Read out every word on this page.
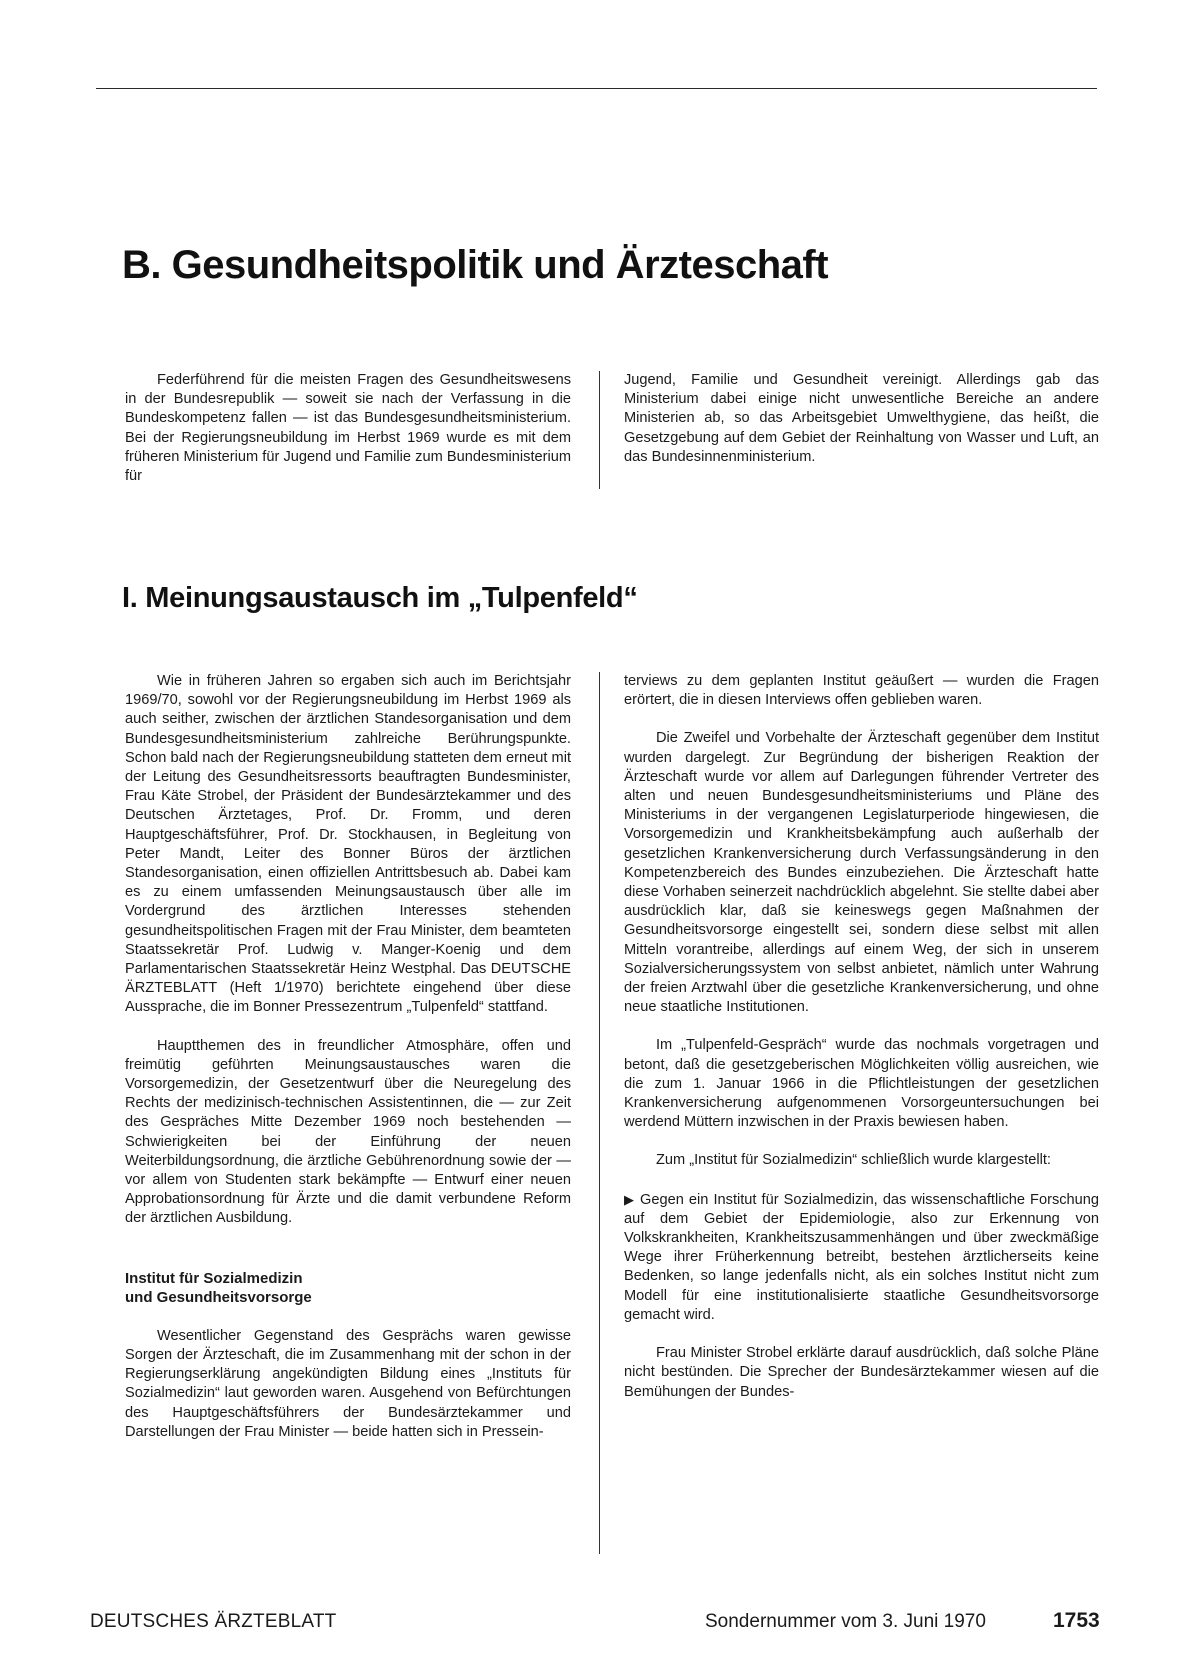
B. Gesundheitspolitik und Ärzteschaft

Federführend für die meisten Fragen des Gesundheitswesens in der Bundesrepublik — soweit sie nach der Verfassung in die Bundeskompetenz fallen — ist das Bundesgesundheitsministerium. Bei der Regierungsneubildung im Herbst 1969 wurde es mit dem früheren Ministerium für Jugend und Familie zum Bundesministerium für

Jugend, Familie und Gesundheit vereinigt. Allerdings gab das Ministerium dabei einige nicht unwesentliche Bereiche an andere Ministerien ab, so das Arbeitsgebiet Umwelthygiene, das heißt, die Gesetzgebung auf dem Gebiet der Reinhaltung von Wasser und Luft, an das Bundesinnenministerium.

I. Meinungsaustausch im „Tulpenfeld“

Wie in früheren Jahren so ergaben sich auch im Berichtsjahr 1969/70, sowohl vor der Regierungsneubildung im Herbst 1969 als auch seither, zwischen der ärztlichen Standesorganisation und dem Bundesgesundheitsministerium zahlreiche Berührungspunkte. Schon bald nach der Regierungsneubildung statteten dem erneut mit der Leitung des Gesundheitsressorts beauftragten Bundesminister, Frau Käte Strobel, der Präsident der Bundesärztekammer und des Deutschen Ärztetages, Prof. Dr. Fromm, und deren Hauptgeschäftsführer, Prof. Dr. Stockhausen, in Begleitung von Peter Mandt, Leiter des Bonner Büros der ärztlichen Standesorganisation, einen offiziellen Antrittsbesuch ab. Dabei kam es zu einem umfassenden Meinungsaustausch über alle im Vordergrund des ärztlichen Interesses stehenden gesundheitspolitischen Fragen mit der Frau Minister, dem beamteten Staatssekretär Prof. Ludwig v. Manger-Koenig und dem Parlamentarischen Staatssekretär Heinz Westphal. Das DEUTSCHE ÄRZTEBLATT (Heft 1/1970) berichtete eingehend über diese Aussprache, die im Bonner Pressezentrum „Tulpenfeld“ stattfand.

Hauptthemen des in freundlicher Atmosphäre, offen und freimütig geführten Meinungsaustausches waren die Vorsorgemedizin, der Gesetzentwurf über die Neuregelung des Rechts der medizinisch-technischen Assistentinnen, die — zur Zeit des Gespräches Mitte Dezember 1969 noch bestehenden — Schwierigkeiten bei der Einführung der neuen Weiterbildungsordnung, die ärztliche Gebührenordnung sowie der — vor allem von Studenten stark bekämpfte — Entwurf einer neuen Approbationsordnung für Ärzte und die damit verbundene Reform der ärztlichen Ausbildung.

Institut für Sozialmedizin
und Gesundheitsvorsorge

Wesentlicher Gegenstand des Gesprächs waren gewisse Sorgen der Ärzteschaft, die im Zusammenhang mit der schon in der Regierungserklärung angekündigten Bildung eines „Instituts für Sozialmedizin“ laut geworden waren. Ausgehend von Befürchtungen des Hauptgeschäftsführers der Bundesärztekammer und Darstellungen der Frau Minister — beide hatten sich in Pressein-

terviews zu dem geplanten Institut geäußert — wurden die Fragen erörtert, die in diesen Interviews offen geblieben waren.

Die Zweifel und Vorbehalte der Ärzteschaft gegenüber dem Institut wurden dargelegt. Zur Begründung der bisherigen Reaktion der Ärzteschaft wurde vor allem auf Darlegungen führender Vertreter des alten und neuen Bundesgesundheitsministeriums und Pläne des Ministeriums in der vergangenen Legislaturperiode hingewiesen, die Vorsorgemedizin und Krankheitsbekämpfung auch außerhalb der gesetzlichen Krankenversicherung durch Verfassungsänderung in den Kompetenzbereich des Bundes einzubeziehen. Die Ärzteschaft hatte diese Vorhaben seinerzeit nachdrücklich abgelehnt. Sie stellte dabei aber ausdrücklich klar, daß sie keineswegs gegen Maßnahmen der Gesundheitsvorsorge eingestellt sei, sondern diese selbst mit allen Mitteln vorantreibe, allerdings auf einem Weg, der sich in unserem Sozialversicherungssystem von selbst anbietet, nämlich unter Wahrung der freien Arztwahl über die gesetzliche Krankenversicherung, und ohne neue staatliche Institutionen.

Im „Tulpenfeld-Gespräch“ wurde das nochmals vorgetragen und betont, daß die gesetzgeberischen Möglichkeiten völlig ausreichen, wie die zum 1. Januar 1966 in die Pflichtleistungen der gesetzlichen Krankenversicherung aufgenommenen Vorsorgeuntersuchungen bei werdend Müttern inzwischen in der Praxis bewiesen haben.

Zum „Institut für Sozialmedizin“ schließlich wurde klargestellt:

▶ Gegen ein Institut für Sozialmedizin, das wissenschaftliche Forschung auf dem Gebiet der Epidemiologie, also zur Erkennung von Volkskrankheiten, Krankheitszusammenhängen und über zweckmäßige Wege ihrer Früherkennung betreibt, bestehen ärztlicherseits keine Bedenken, so lange jedenfalls nicht, als ein solches Institut nicht zum Modell für eine institutionalisierte staatliche Gesundheitsvorsorge gemacht wird.

Frau Minister Strobel erklärte darauf ausdrücklich, daß solche Pläne nicht bestünden. Die Sprecher der Bundesärztekammer wiesen auf die Bemühungen der Bundes-

DEUTSCHES ÄRZTEBLATT	Sondernummer vom 3. Juni 1970	1753
